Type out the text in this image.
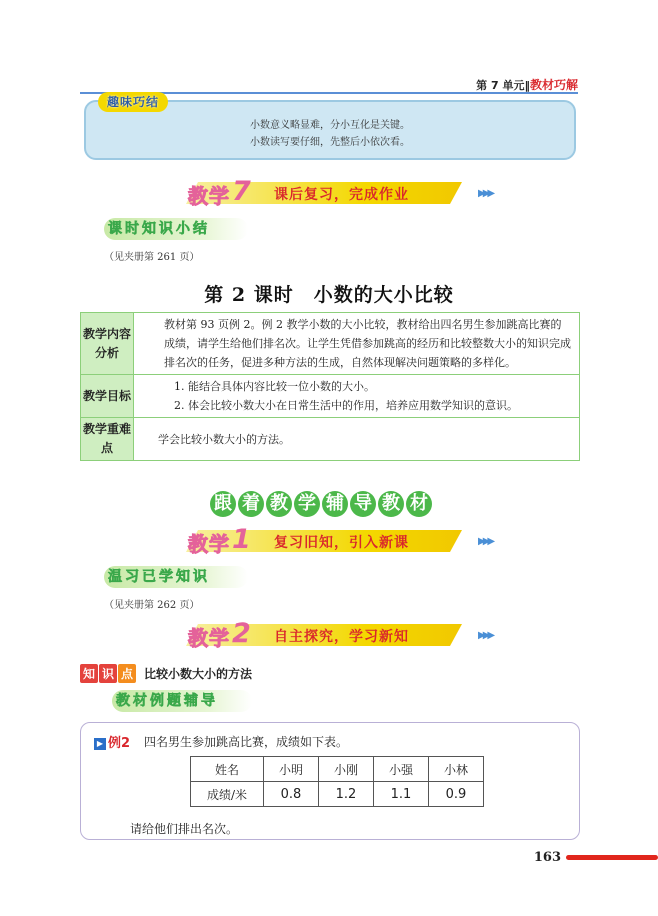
第 7 单元‖教材巧解
趣味巧结
小数意义略显难，分小互化是关键。
小数读写要仔细，先整后小依次看。
教学 7 课后复习，完成作业	▶▶▶
课时知识小结
（见夹册第 261 页）
第 2 课时　小数的大小比较
教学内容分析	教材第 93 页例 2。例 2 教学小数的大小比较，教材给出四名男生参加跳高比赛的成绩，请学生给他们排名次。让学生凭借参加跳高的经历和比较整数大小的知识完成排名次的任务，促进多种方法的生成，自然体现解决问题策略的多样化。
教学目标	1. 能结合具体内容比较一位小数的大小。
2. 体会比较小数大小在日常生活中的作用，培养应用数学知识的意识。

教学重难点	学会比较小数大小的方法。
跟 着 教 学 辅 导 教 材
教学 1 复习旧知，引入新课	▶▶▶
温习已学知识
（见夹册第 262 页）
教学 2 自主探究，学习新知	▶▶▶
知 识 点 比较小数大小的方法
教材例题辅导
▶ 例2 四名男生参加跳高比赛，成绩如下表。
姓名	小明	小刚	小强	小林
成绩/米	0.8	1.2	1.1	0.9
请给他们排出名次。
163
